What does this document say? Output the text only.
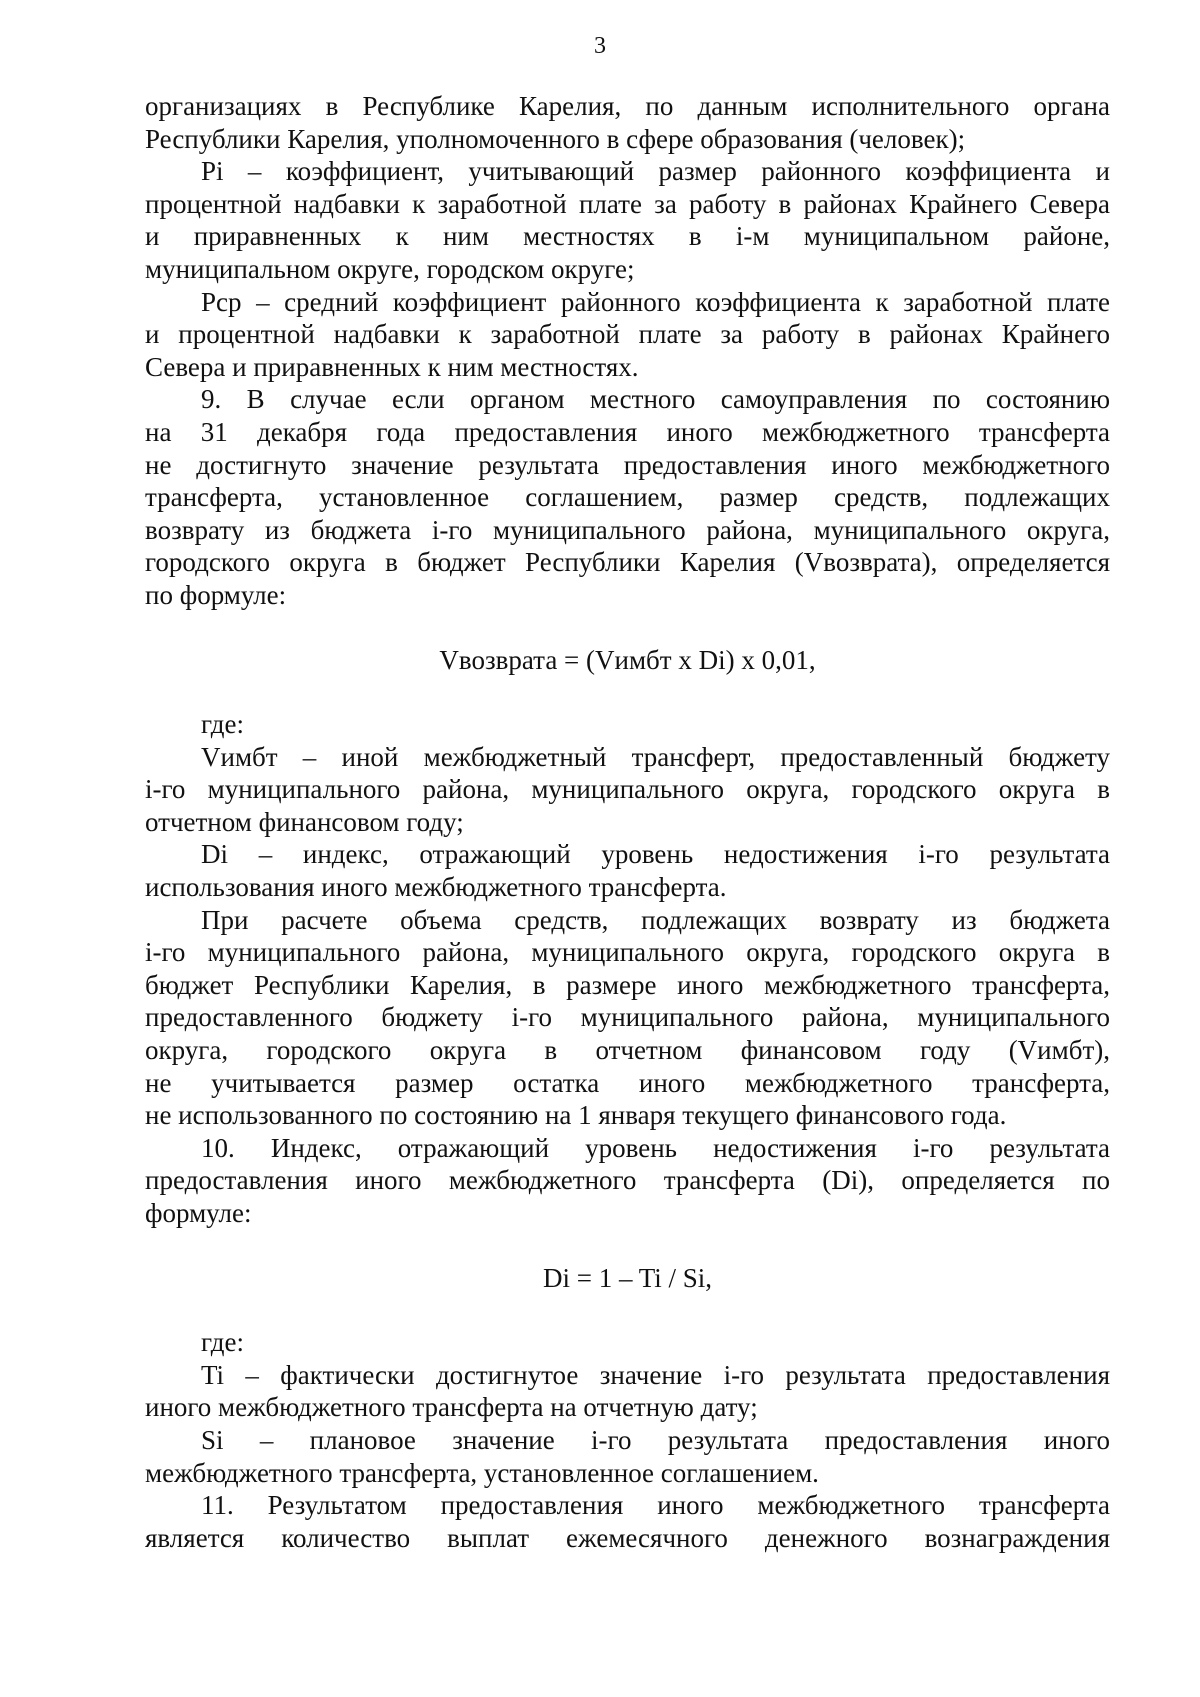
3
организациях в Республике Карелия, по данным исполнительного органа
Республики Карелия, уполномоченного в сфере образования (человек);
Pi – коэффициент, учитывающий размер районного коэффициента и
процентной надбавки к заработной плате за работу в районах Крайнего Севера
и приравненных к ним местностях в i-м муниципальном районе,
муниципальном округе, городском округе;
Pср – средний коэффициент районного коэффициента к заработной плате
и процентной надбавки к заработной плате за работу в районах Крайнего
Севера и приравненных к ним местностях.
9. В случае если органом местного самоуправления по состоянию
на 31 декабря года предоставления иного межбюджетного трансферта
не достигнуто значение результата предоставления иного межбюджетного
трансферта, установленное соглашением, размер средств, подлежащих
возврату из бюджета i-го муниципального района, муниципального округа,
городского округа в бюджет Республики Карелия (Vвозврата), определяется
по формуле:
Vвозврата = (Vимбт x Di) x 0,01,
где:
Vимбт – иной межбюджетный трансферт, предоставленный бюджету
i-го муниципального района, муниципального округа, городского округа в
отчетном финансовом году;
Di – индекс, отражающий уровень недостижения i-го результата
использования иного межбюджетного трансферта.
При расчете объема средств, подлежащих возврату из бюджета
i-го муниципального района, муниципального округа, городского округа в
бюджет Республики Карелия, в размере иного межбюджетного трансферта,
предоставленного бюджету i-го муниципального района, муниципального
округа, городского округа в отчетном финансовом году (Vимбт),
не учитывается размер остатка иного межбюджетного трансферта,
не использованного по состоянию на 1 января текущего финансового года.
10. Индекс, отражающий уровень недостижения i-го результата
предоставления иного межбюджетного трансферта (Di), определяется по
формуле:
Di = 1 – Ti / Si,
где:
Ti – фактически достигнутое значение i-го результата предоставления
иного межбюджетного трансферта на отчетную дату;
Si – плановое значение i-го результата предоставления иного
межбюджетного трансферта, установленное соглашением.
11. Результатом предоставления иного межбюджетного трансферта
является количество выплат ежемесячного денежного вознаграждения
